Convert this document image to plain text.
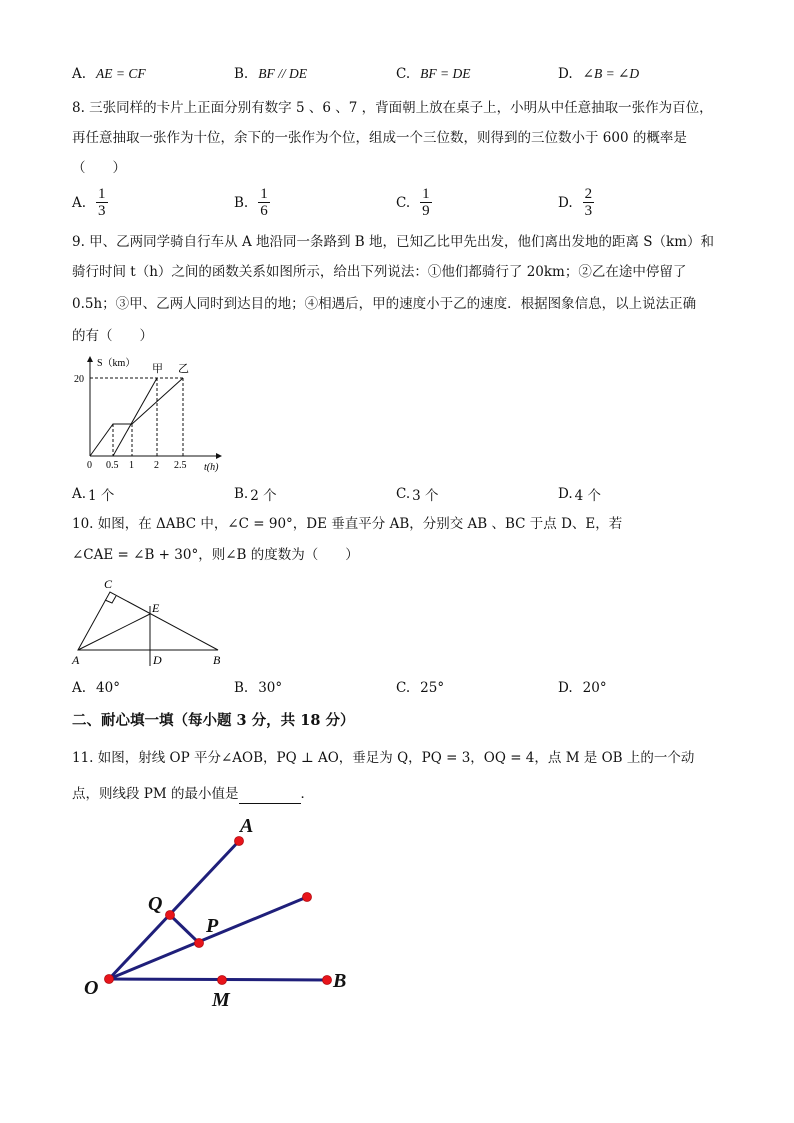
A. AE = CF	B. BF // DE	C. BF = DE	D. ∠B = ∠D
8. 三张同样的卡片上正面分别有数字 5 、6 、7 ，背面朝上放在桌子上，小明从中任意抽取一张作为百位，
再任意抽取一张作为十位，余下的一张作为个位，组成一个三位数，则得到的三位数小于 600 的概率是
（　　）
A. $\frac{1}{3}$	B. $\frac{1}{6}$	C. $\frac{1}{9}$	D. $\frac{2}{3}$
9. 甲、乙两同学骑自行车从 A 地沿同一条路到 B 地，已知乙比甲先出发，他们离出发地的距离 S（km）和
骑行时间 t（h）之间的函数关系如图所示，给出下列说法：①他们都骑行了 20km；②乙在途中停留了
0.5h；③甲、乙两人同时到达目的地；④相遇后，甲的速度小于乙的速度．根据图象信息，以上说法正确
的有（　　）
S（km）
20
0 0.5 1 2 2.5 t(h)
甲 乙
A. 1 个	B. 2 个	C. 3 个	D. 4 个
10. 如图，在 ΔABC 中，∠C = 90°，DE 垂直平分 AB，分别交 AB 、BC 于点 D、E，若
∠CAE = ∠B + 30°，则∠B 的度数为（　　）
C
E
A	D	B
A. 40°	B. 30°	C. 25°	D. 20°
二、耐心填一填（每小题 3 分，共 18 分）
11. 如图，射线 OP 平分∠AOB，PQ ⊥ AO，垂足为 Q，PQ = 3，OQ = 4，点 M 是 OB 上的一个动
点，则线段 PM 的最小值是	．
A
Q
P
O
M
B
